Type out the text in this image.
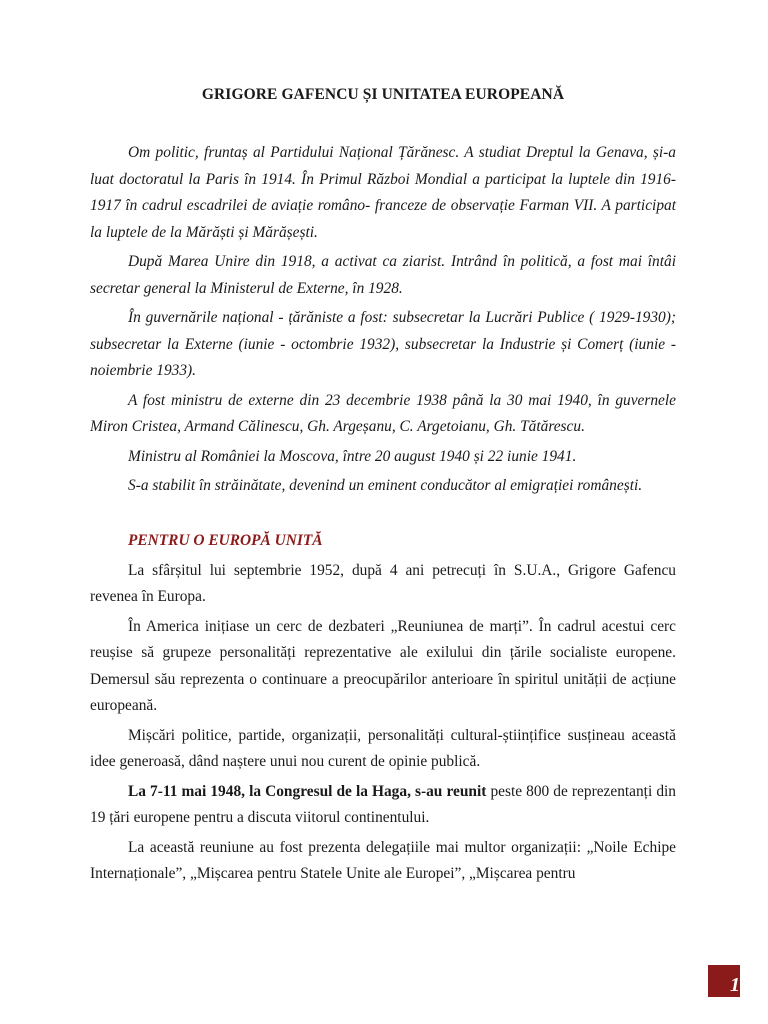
GRIGORE GAFENCU ȘI UNITATEA EUROPEANĂ

Om politic, fruntaș al Partidului Național Țărănesc. A studiat Dreptul la Genava, și-a luat doctoratul la Paris în 1914. În Primul Război Mondial a participat la luptele din 1916-1917 în cadrul escadrilei de aviație româno- franceze de observație Farman VII. A participat la luptele de la Mărăști și Mărășești.

După Marea Unire din 1918, a activat ca ziarist. Intrând în politică, a fost mai întâi secretar general la Ministerul de Externe, în 1928.

În guvernările național - țărăniste a fost: subsecretar la Lucrări Publice ( 1929-1930); subsecretar la Externe (iunie - octombrie 1932), subsecretar la Industrie și Comerț (iunie - noiembrie 1933).

A fost ministru de externe din 23 decembrie 1938 până la 30 mai 1940, în guvernele Miron Cristea, Armand Călinescu, Gh. Argeșanu, C. Argetoianu, Gh. Tătărescu.

Ministru al României la Moscova, între 20 august 1940 și 22 iunie 1941.

S-a stabilit în străinătate, devenind un eminent conducător al emigrației românești.

PENTRU O EUROPĂ UNITĂ

La sfârșitul lui septembrie 1952, după 4 ani petrecuți în S.U.A., Grigore Gafencu revenea în Europa.

În America inițiase un cerc de dezbateri „Reuniunea de marți”. În cadrul acestui cerc reușise să grupeze personalități reprezentative ale exilului din țările socialiste europene. Demersul său reprezenta o continuare a preocupărilor anterioare în spiritul unității de acțiune europeană.

Mișcări politice, partide, organizații, personalități cultural-științifice susțineau această idee generoasă, dând naștere unui nou curent de opinie publică.

La 7-11 mai 1948, la Congresul de la Haga, s-au reunit peste 800 de reprezentanți din 19 țări europene pentru a discuta viitorul continentului.

La această reuniune au fost prezenta delegațiile mai multor organizații: „Noile Echipe Internaționale”, „Mișcarea pentru Statele Unite ale Europei”, „Mișcarea pentru

1
